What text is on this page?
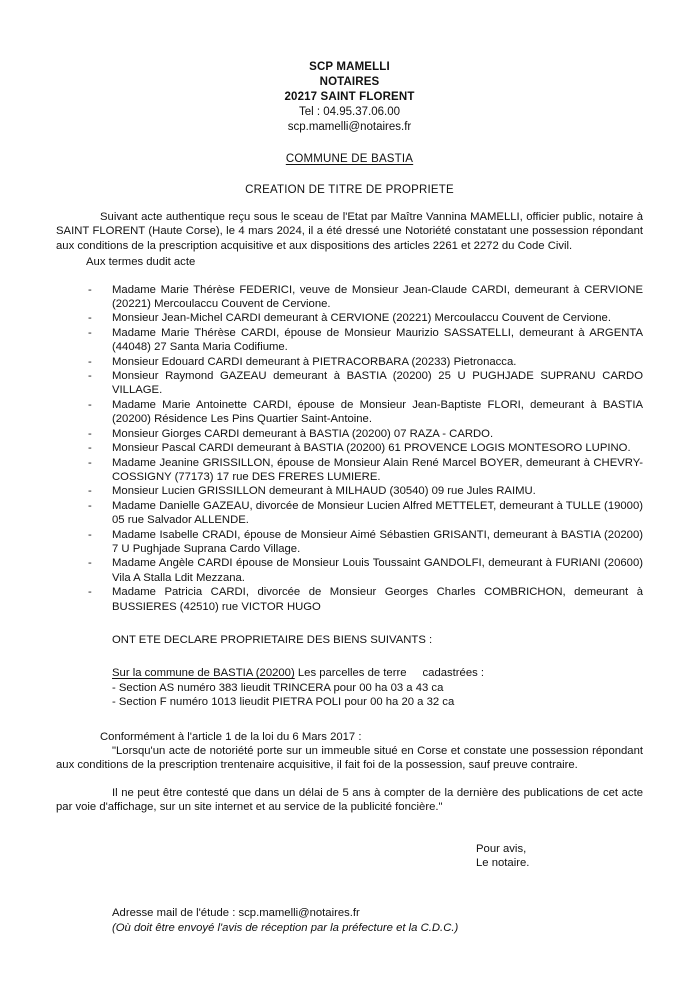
SCP MAMELLI
NOTAIRES
20217 SAINT FLORENT
Tel : 04.95.37.06.00
scp.mamelli@notaires.fr
COMMUNE DE BASTIA
CREATION DE TITRE DE PROPRIETE
Suivant acte authentique reçu sous le sceau de l'Etat par Maître Vannina MAMELLI, officier public, notaire à SAINT FLORENT (Haute Corse), le 4 mars 2024, il a été dressé une Notoriété constatant une possession répondant aux conditions de la prescription acquisitive et aux dispositions des articles 2261 et 2272 du Code Civil.
Aux termes dudit acte
-	Madame Marie Thérèse FEDERICI, veuve de Monsieur Jean-Claude CARDI, demeurant à CERVIONE (20221) Mercoulaccu Couvent de Cervione.
-	Monsieur Jean-Michel CARDI demeurant à CERVIONE (20221) Mercoulaccu Couvent de Cervione.
-	Madame Marie Thérèse CARDI, épouse de Monsieur Maurizio SASSATELLI, demeurant à ARGENTA (44048) 27 Santa Maria Codifiume.
-	Monsieur Edouard CARDI demeurant à PIETRACORBARA (20233) Pietronacca.
-	Monsieur Raymond GAZEAU demeurant à BASTIA (20200) 25 U PUGHJADE SUPRANU CARDO VILLAGE.
-	Madame Marie Antoinette CARDI, épouse de Monsieur Jean-Baptiste FLORI, demeurant à BASTIA (20200) Résidence Les Pins Quartier Saint-Antoine.
-	Monsieur Giorges CARDI demeurant à BASTIA (20200) 07 RAZA - CARDO.
-	Monsieur Pascal CARDI demeurant à BASTIA (20200) 61 PROVENCE LOGIS MONTESORO LUPINO.
-	Madame Jeanine GRISSILLON, épouse de Monsieur Alain René Marcel BOYER, demeurant à CHEVRY-COSSIGNY (77173) 17 rue DES FRERES LUMIERE.
-	Monsieur Lucien GRISSILLON demeurant à MILHAUD (30540) 09 rue Jules RAIMU.
-	Madame Danielle GAZEAU, divorcée de Monsieur Lucien Alfred METTELET, demeurant à TULLE (19000) 05 rue Salvador ALLENDE.
-	Madame Isabelle CRADI, épouse de Monsieur Aimé Sébastien GRISANTI, demeurant à BASTIA (20200) 7 U Pughjade Suprana Cardo Village.
-	Madame Angèle CARDI épouse de Monsieur Louis Toussaint GANDOLFI, demeurant à FURIANI (20600) Vila A Stalla Ldit Mezzana.
-	Madame Patricia CARDI, divorcée de Monsieur Georges Charles COMBRICHON, demeurant à BUSSIERES (42510) rue VICTOR HUGO
ONT ETE DECLARE PROPRIETAIRE DES BIENS SUIVANTS :
Sur la commune de BASTIA (20200) Les parcelles de terre cadastrées :
- Section AS numéro 383 lieudit TRINCERA pour 00 ha 03 a 43 ca
- Section F numéro 1013 lieudit PIETRA POLI pour 00 ha 20 a 32 ca
Conformément à l'article 1 de la loi du 6 Mars 2017 :
"Lorsqu'un acte de notoriété porte sur un immeuble situé en Corse et constate une possession répondant aux conditions de la prescription trentenaire acquisitive, il fait foi de la possession, sauf preuve contraire.
Il ne peut être contesté que dans un délai de 5 ans à compter de la dernière des publications de cet acte par voie d'affichage, sur un site internet et au service de la publicité foncière."
Pour avis,
Le notaire.
Adresse mail de l'étude : scp.mamelli@notaires.fr
(Où doit être envoyé l'avis de réception par la préfecture et la C.D.C.)
